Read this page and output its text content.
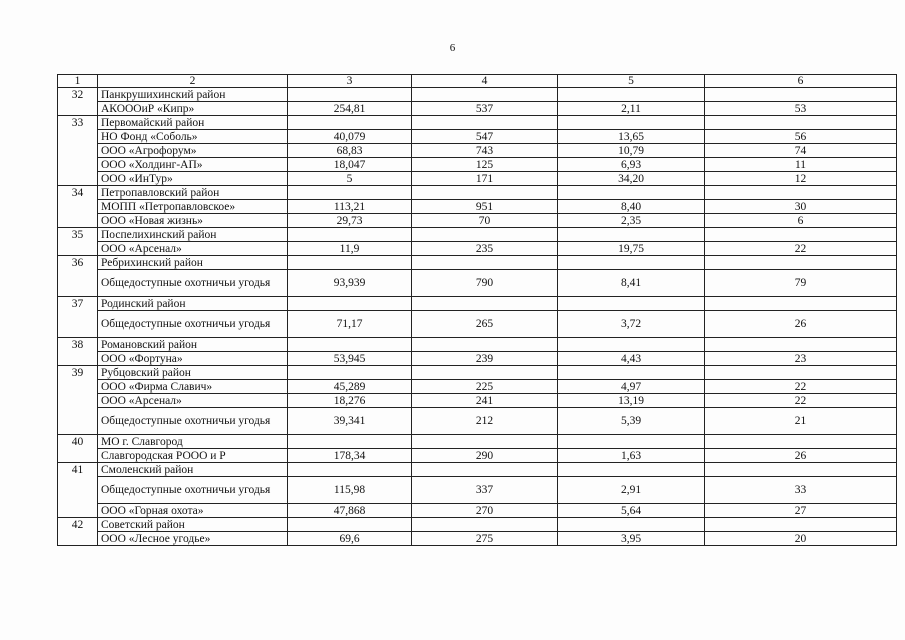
6
1	2	3	4	5	6
32	Панкрушихинский район				
	АКОООиР «Кипр»	254,81	537	2,11	53
33	Первомайский район				
	НО Фонд «Соболь»	40,079	547	13,65	56
	ООО «Агрофорум»	68,83	743	10,79	74
	ООО «Холдинг-АП»	18,047	125	6,93	11
	ООО «ИнТур»	5	171	34,20	12
34	Петропавловский район				
	МОПП «Петропавловское»	113,21	951	8,40	30
	ООО «Новая жизнь»	29,73	70	2,35	6
35	Поспелихинский район				
	ООО «Арсенал»	11,9	235	19,75	22
36	Ребрихинский район				
	Общедоступные охотничьи угодья	93,939	790	8,41	79
37	Родинский район				
	Общедоступные охотничьи угодья	71,17	265	3,72	26
38	Романовский район				
	ООО «Фортуна»	53,945	239	4,43	23
39	Рубцовский район				
	ООО «Фирма Славич»	45,289	225	4,97	22
	ООО «Арсенал»	18,276	241	13,19	22
	Общедоступные охотничьи угодья	39,341	212	5,39	21
40	МО г. Славгород				
	Славгородская РООО и Р	178,34	290	1,63	26
41	Смоленский район				
	Общедоступные охотничьи угодья	115,98	337	2,91	33
	ООО «Горная охота»	47,868	270	5,64	27
42	Советский район				
	ООО «Лесное угодье»	69,6	275	3,95	20
